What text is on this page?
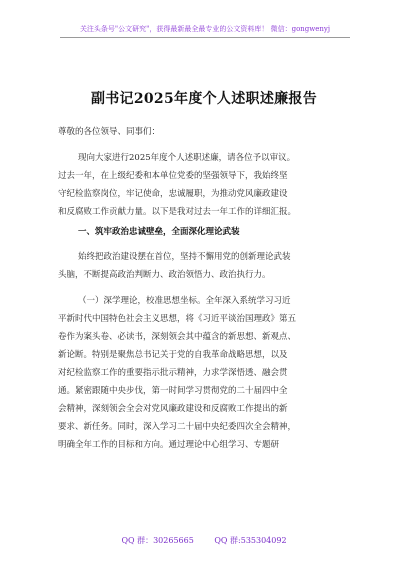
关注头条号"公文研究"，获得最新最全最专业的公文资料库！ 微信：gongwenyj
副书记2025年度个人述职述廉报告
尊敬的各位领导、同事们：
现向大家进行2025年度个人述职述廉，请各位予以审议。
过去一年，在上级纪委和本单位党委的坚强领导下，我始终坚
守纪检监察岗位，牢记使命，忠诚履职，为推动党风廉政建设
和反腐败工作贡献力量。以下是我对过去一年工作的详细汇报。
一、筑牢政治忠诚壁垒，全面深化理论武装
始终把政治建设摆在首位，坚持不懈用党的创新理论武装
头脑，不断提高政治判断力、政治领悟力、政治执行力。
（一）深学理论，校准思想坐标。全年深入系统学习习近
平新时代中国特色社会主义思想，将《习近平谈治国理政》第五
卷作为案头卷、必读书，深刻领会其中蕴含的新思想、新观点、
新论断。特别是聚焦总书记关于党的自我革命战略思想，以及
对纪检监察工作的重要指示批示精神，力求学深悟透、融会贯
通。紧密跟随中央步伐，第一时间学习贯彻党的二十届四中全
会精神，深刻领会全会对党风廉政建设和反腐败工作提出的新
要求、新任务。同时，深入学习二十届中央纪委四次全会精神，
明确全年工作的目标和方向。通过理论中心组学习、专题研
QQ 群：30265665	QQ 群:535304092
